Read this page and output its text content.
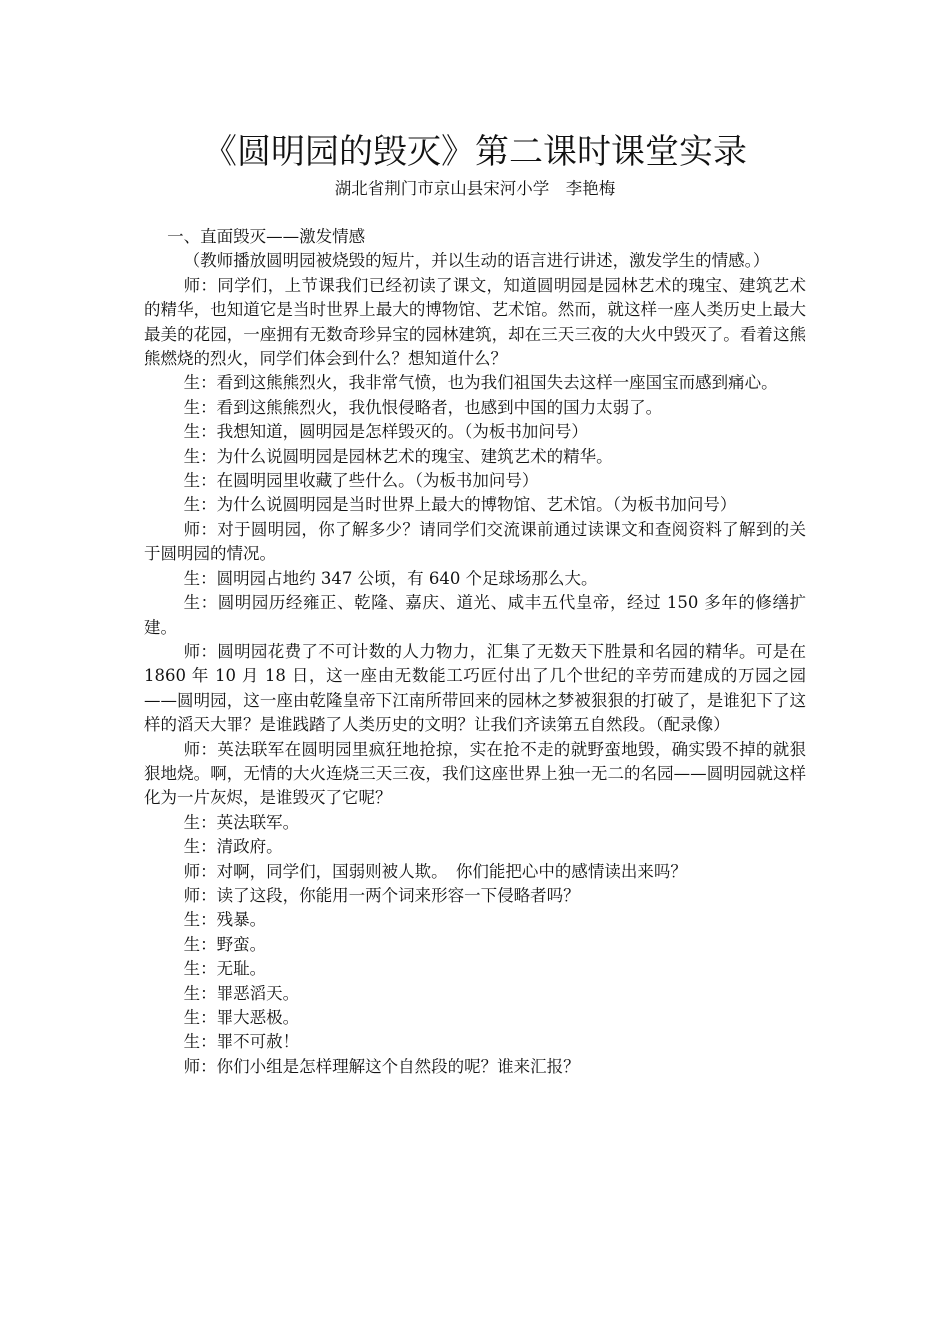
《圆明园的毁灭》第二课时课堂实录
湖北省荆门市京山县宋河小学　李艳梅

一、直面毁灭——激发情感

（教师播放圆明园被烧毁的短片，并以生动的语言进行讲述，激发学生的情感。）

师：同学们，上节课我们已经初读了课文，知道圆明园是园林艺术的瑰宝、建筑艺术的精华，也知道它是当时世界上最大的博物馆、艺术馆。然而，就这样一座人类历史上最大最美的花园，一座拥有无数奇珍异宝的园林建筑，却在三天三夜的大火中毁灭了。看着这熊熊燃烧的烈火，同学们体会到什么？想知道什么？

生：看到这熊熊烈火，我非常气愤，也为我们祖国失去这样一座国宝而感到痛心。

生：看到这熊熊烈火，我仇恨侵略者，也感到中国的国力太弱了。

生：我想知道，圆明园是怎样毁灭的。（为板书加问号）

生：为什么说圆明园是园林艺术的瑰宝、建筑艺术的精华。

生：在圆明园里收藏了些什么。（为板书加问号）

生：为什么说圆明园是当时世界上最大的博物馆、艺术馆。（为板书加问号）

师：对于圆明园，你了解多少？请同学们交流课前通过读课文和查阅资料了解到的关于圆明园的情况。

生：圆明园占地约 347 公顷，有 640 个足球场那么大。

生：圆明园历经雍正、乾隆、嘉庆、道光、咸丰五代皇帝，经过 150 多年的修缮扩建。

师：圆明园花费了不可计数的人力物力，汇集了无数天下胜景和名园的精华。可是在 1860 年 10 月 18 日，这一座由无数能工巧匠付出了几个世纪的辛劳而建成的万园之园——圆明园，这一座由乾隆皇帝下江南所带回来的园林之梦被狠狠的打破了，是谁犯下了这样的滔天大罪？是谁践踏了人类历史的文明？让我们齐读第五自然段。（配录像）

师：英法联军在圆明园里疯狂地抢掠，实在抢不走的就野蛮地毁，确实毁不掉的就狠狠地烧。啊，无情的大火连烧三天三夜，我们这座世界上独一无二的名园——圆明园就这样化为一片灰烬，是谁毁灭了它呢？

生：英法联军。

生：清政府。

师：对啊，同学们，国弱则被人欺。　你们能把心中的感情读出来吗？

师：读了这段，你能用一两个词来形容一下侵略者吗？

生：残暴。

生：野蛮。

生：无耻。

生：罪恶滔天。

生：罪大恶极。

生：罪不可赦！

师：你们小组是怎样理解这个自然段的呢？谁来汇报？
